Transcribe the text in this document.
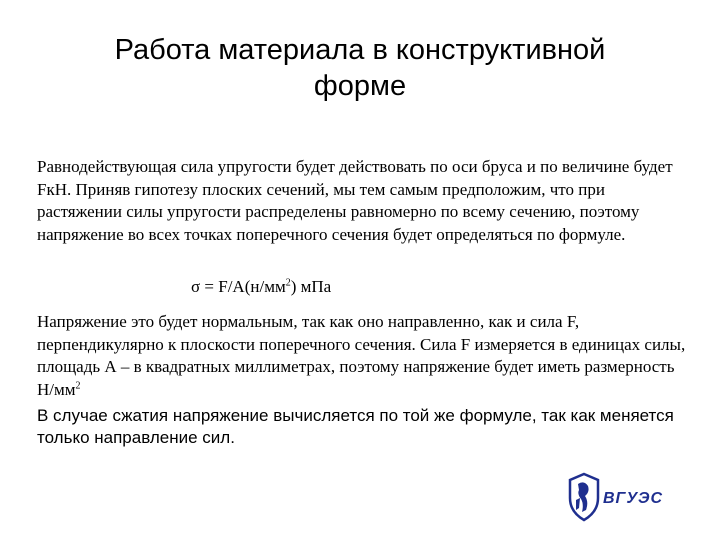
Работа материала в конструктивной
форме
Равнодействующая сила упругости будет действовать по оси бруса и по величине будет FкН. Приняв гипотезу плоских сечений, мы тем самым предположим, что при растяжении силы упругости распределены равномерно по всему сечению, поэтому напряжение во всех точках поперечного сечения будет определяться по формуле.
$\sigma = F/A(н/мм^2)$ мПа
Напряжение это будет нормальным, так как оно направленно, как и сила F, перпендикулярно к плоскости поперечного сечения. Сила F измеряется в единицах силы, площадь А – в квадратных миллиметрах, поэтому напряжение будет иметь размерность $Н/мм^2$
В случае сжатия напряжение вычисляется по той же формуле, так как меняется только направление сил.
ВГУЭС
